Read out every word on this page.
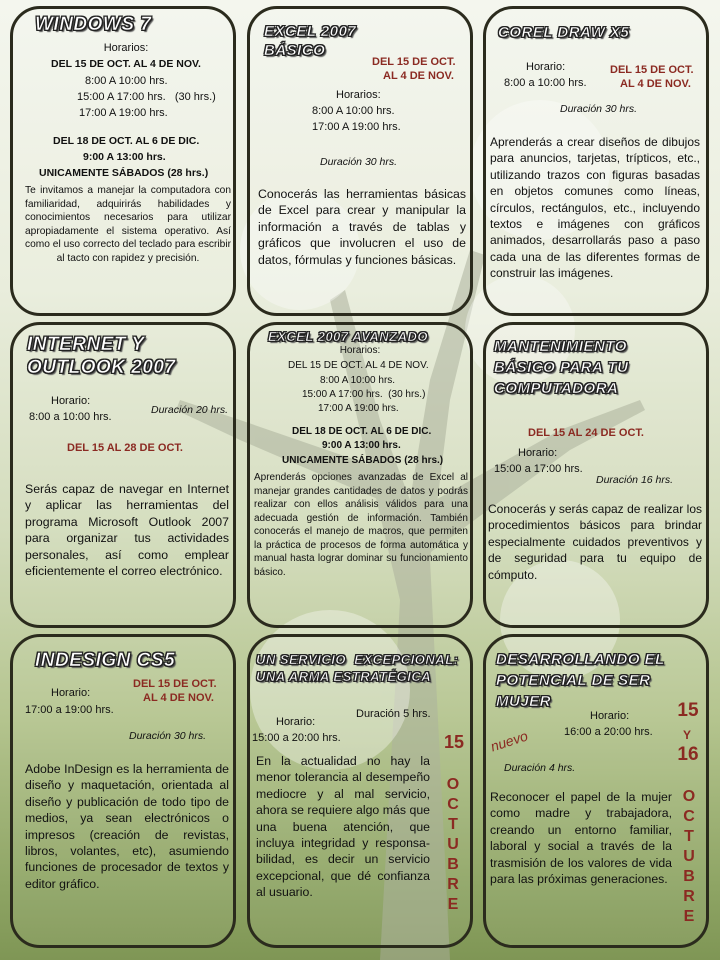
WINDOWS 7
Horarios:
DEL 15 DE OCT. AL 4 DE NOV.
8:00 A 10:00 hrs.
15:00 A 17:00 hrs.   (30 hrs.)
17:00 A 19:00 hrs.
DEL 18 DE OCT. AL 6 DE DIC.
9:00 A 13:00 hrs.
UNICAMENTE SÁBADOS (28 hrs.)
Te invitamos a manejar la computadora con familiaridad, adquirirás habilidades y conocimientos necesarios para utilizar apropiadamente el sistema operativo. Así como el uso correcto del teclado para escribir al tacto con rapidez y precisión.
EXCEL 2007
BÁSICO
DEL 15 DE OCT.
AL 4 DE NOV.
Horarios:
8:00 A 10:00 hrs.
17:00 A 19:00 hrs.
Duración 30 hrs.
Conocerás las herramientas básicas de Excel para crear y manipular la información a través de tablas y gráficos que involucren el uso de datos, fórmulas y funciones básicas.
COREL DRAW X5
Horario:
8:00 a 10:00 hrs.
DEL 15 DE OCT.
AL 4 DE NOV.
Duración 30 hrs.
Aprenderás a crear diseños de dibujos para anuncios, tarjetas, trípticos, etc., utilizando trazos con figuras basadas en objetos comunes como líneas, círculos, rectángulos, etc., incluyendo textos e imágenes con gráficos animados, desarrollarás paso a paso cada una de las diferentes formas de construir las imágenes.
INTERNET Y
OUTLOOK 2007
Horario:
8:00 a 10:00 hrs.
Duración 20 hrs.
DEL 15 AL 28 DE OCT.
Serás capaz de navegar en Internet y aplicar las herramientas del programa Microsoft Outlook 2007 para organizar tus actividades personales, así como emplear eficientemente el correo electrónico.
EXCEL 2007 AVANZADO
Horarios:
DEL 15 DE OCT. AL 4 DE NOV.
8:00 A 10:00 hrs.
15:00 A 17:00 hrs.  (30 hrs.)
17:00 A 19:00 hrs.
DEL 18 DE OCT. AL 6 DE DIC.
9:00 A 13:00 hrs.
UNICAMENTE SÁBADOS (28 hrs.)
Aprenderás opciones avanzadas de Excel al manejar grandes cantidades de datos y podrás realizar con ellos análisis válidos para una adecuada gestión de información. También conocerás el manejo de macros, que permiten la práctica de procesos de forma automática y manual hasta lograr dominar su funcionamiento básico.
MANTENIMIENTO
BÁSICO PARA TU
COMPUTADORA
DEL 15 AL 24 DE OCT.
Horario:
15:00 a 17:00 hrs.
Duración 16 hrs.
Conocerás y serás capaz de realizar los procedimientos básicos para brindar especialmente cuidados preventivos y de seguridad para tu equipo de cómputo.
INDESIGN CS5
DEL 15 DE OCT.
AL 4 DE NOV.
Horario:
17:00 a 19:00 hrs.
Duración 30 hrs.
Adobe InDesign es la herramienta de diseño y maquetación, orientada al diseño y publicación de todo tipo de medios, ya sean electrónicos o impresos (creación de revistas, libros, volantes, etc), asumiendo funciones de procesador de textos y editor gráfico.
UN SERVICIO  EXCEPCIONAL:
UNA ARMA ESTRATÉGICA
Duración 5 hrs.
Horario:
15:00 a 20:00 hrs.	15
O
C
T
U
B
R
E
En la actualidad no hay la menor tolerancia al desempeño mediocre y al mal servicio, ahora se requiere algo más que una buena atención, que incluya integridad y responsa-bilidad, es decir un servicio excepcional, que dé confianza al usuario.
DESARROLLANDO EL
POTENCIAL DE SER
MUJER
Horario:
16:00 a 20:00 hrs.
nuevo
15
Y
16
Duración 4 hrs.
O
C
T
U
B
R
E
Reconocer el papel de la mujer como madre y trabajadora, creando un entorno familiar, laboral y social a través de la trasmisión de los valores de vida para las próximas generaciones.
